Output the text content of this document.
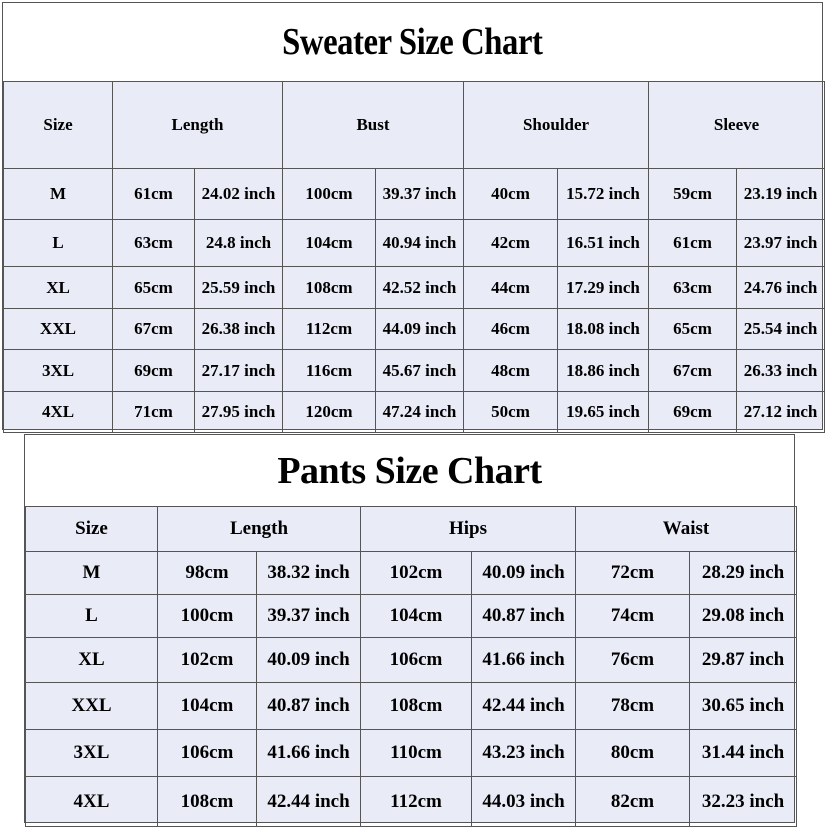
Sweater Size Chart
Size	Length		Bust		Shoulder		Sleeve	
M	61cm	24.02 inch	100cm	39.37 inch	40cm	15.72 inch	59cm	23.19 inch
L	63cm	24.8 inch	104cm	40.94 inch	42cm	16.51 inch	61cm	23.97 inch
XL	65cm	25.59 inch	108cm	42.52 inch	44cm	17.29 inch	63cm	24.76 inch
XXL	67cm	26.38 inch	112cm	44.09 inch	46cm	18.08 inch	65cm	25.54 inch
3XL	69cm	27.17 inch	116cm	45.67 inch	48cm	18.86 inch	67cm	26.33 inch
4XL	71cm	27.95 inch	120cm	47.24 inch	50cm	19.65 inch	69cm	27.12 inch
Pants Size Chart
Size	Length		Hips		Waist	
M	98cm	38.32 inch	102cm	40.09 inch	72cm	28.29 inch
L	100cm	39.37 inch	104cm	40.87 inch	74cm	29.08 inch
XL	102cm	40.09 inch	106cm	41.66 inch	76cm	29.87 inch
XXL	104cm	40.87 inch	108cm	42.44 inch	78cm	30.65 inch
3XL	106cm	41.66 inch	110cm	43.23 inch	80cm	31.44 inch
4XL	108cm	42.44 inch	112cm	44.03 inch	82cm	32.23 inch
